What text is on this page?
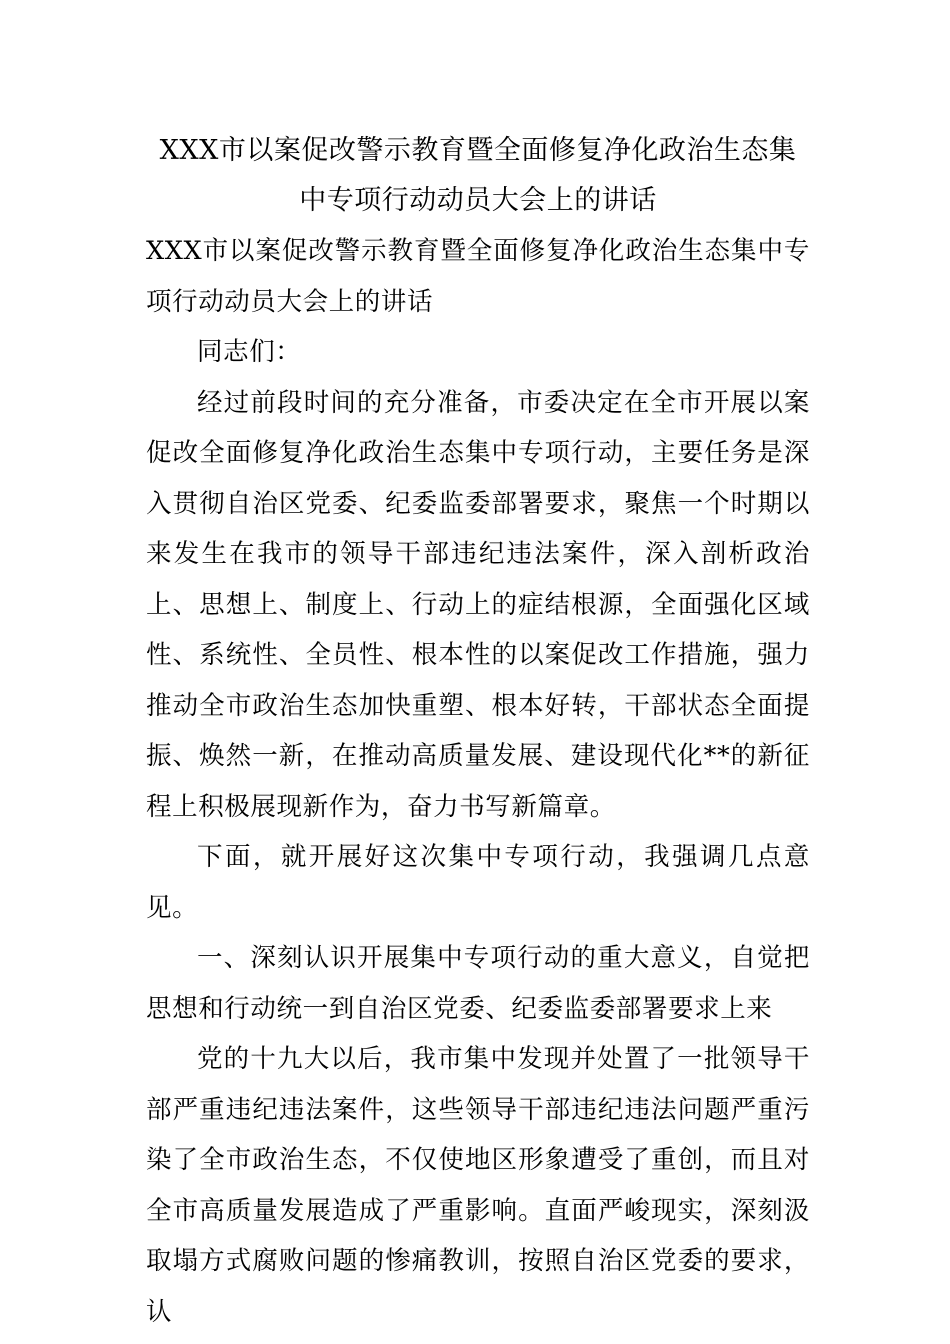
XXX市以案促改警示教育暨全面修复净化政治生态集中专项行动动员大会上的讲话

XXX市以案促改警示教育暨全面修复净化政治生态集中专项行动动员大会上的讲话

同志们：

经过前段时间的充分准备，市委决定在全市开展以案促改全面修复净化政治生态集中专项行动，主要任务是深入贯彻自治区党委、纪委监委部署要求，聚焦一个时期以来发生在我市的领导干部违纪违法案件，深入剖析政治上、思想上、制度上、行动上的症结根源，全面强化区域性、系统性、全员性、根本性的以案促改工作措施，强力推动全市政治生态加快重塑、根本好转，干部状态全面提振、焕然一新，在推动高质量发展、建设现代化**的新征程上积极展现新作为，奋力书写新篇章。

下面，就开展好这次集中专项行动，我强调几点意见。

一、深刻认识开展集中专项行动的重大意义，自觉把思想和行动统一到自治区党委、纪委监委部署要求上来

党的十九大以后，我市集中发现并处置了一批领导干部严重违纪违法案件，这些领导干部违纪违法问题严重污染了全市政治生态，不仅使地区形象遭受了重创，而且对全市高质量发展造成了严重影响。直面严峻现实，深刻汲取塌方式腐败问题的惨痛教训，按照自治区党委的要求，认
